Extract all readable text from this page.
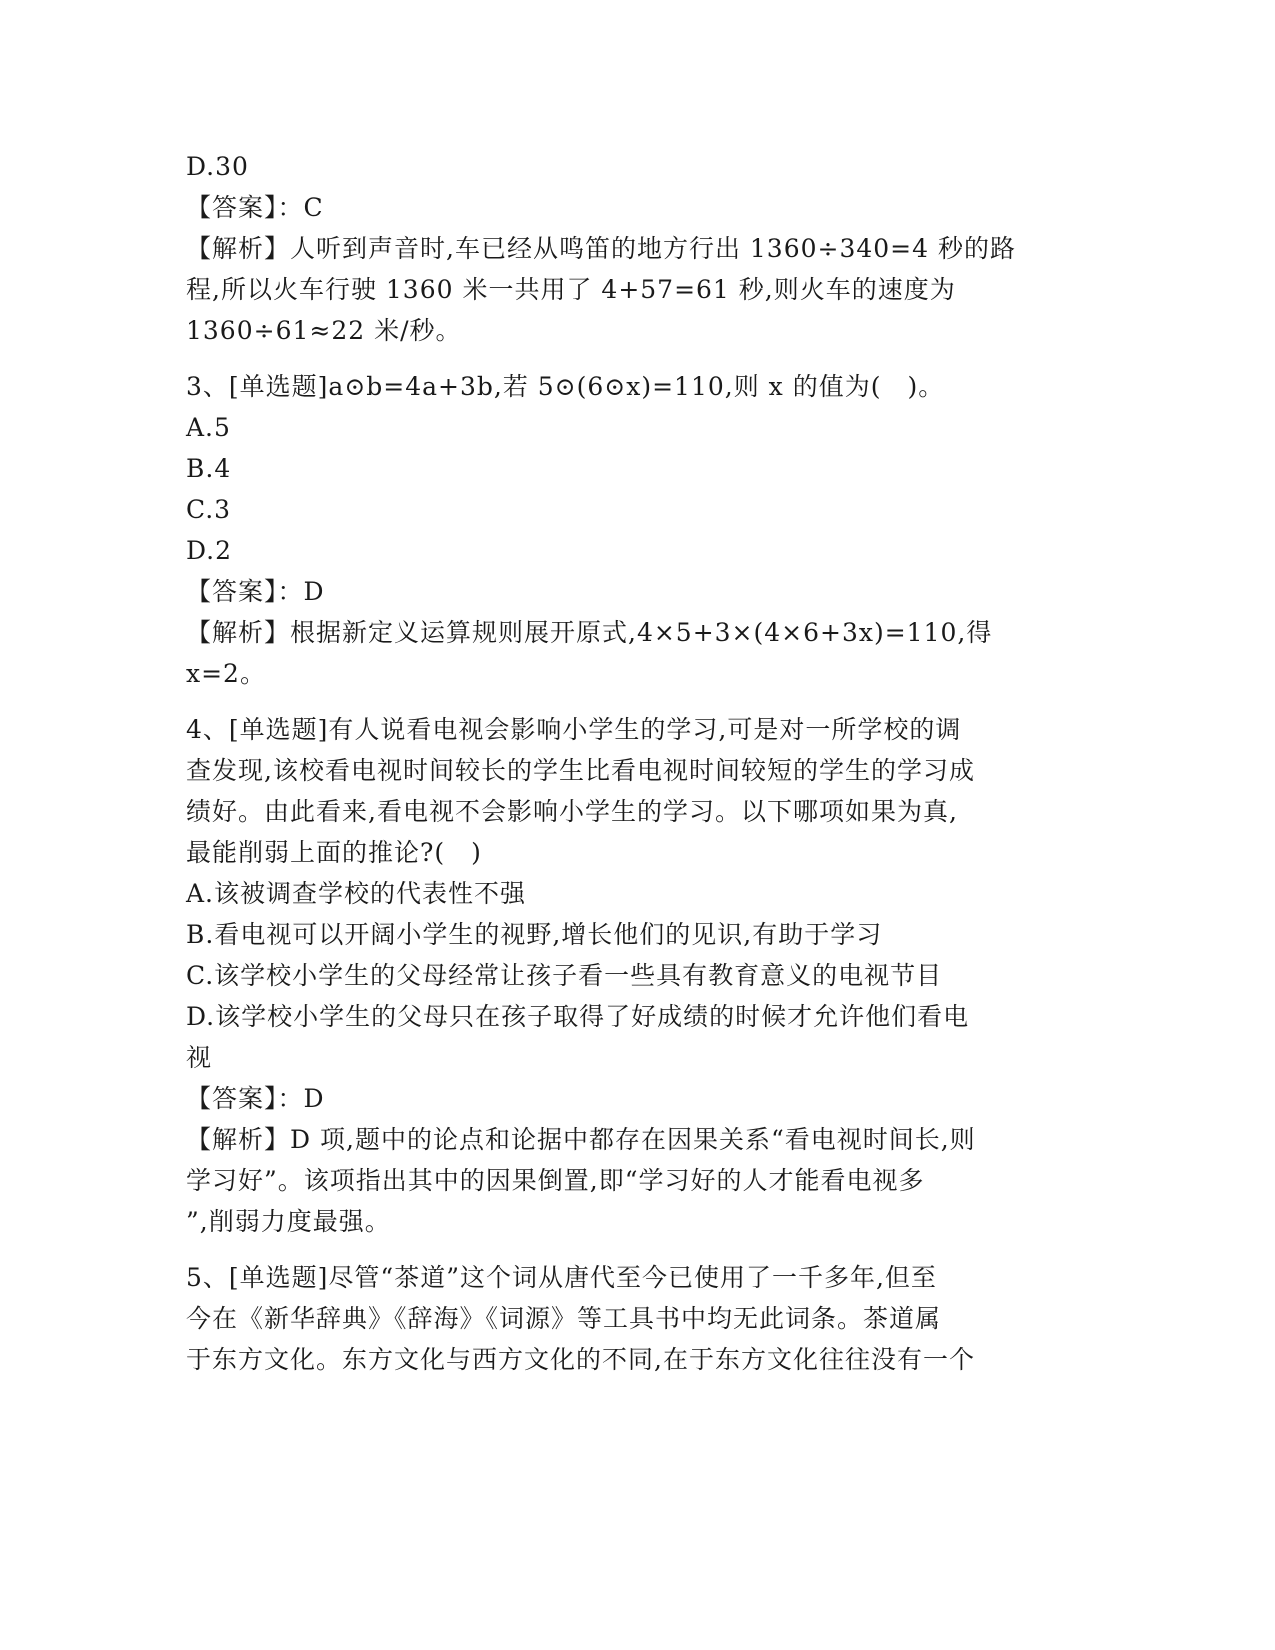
D.30
【答案】：C
【解析】人听到声音时,车已经从鸣笛的地方行出 1360÷340=4 秒的路
程,所以火车行驶 1360 米一共用了 4+57=61 秒,则火车的速度为
1360÷61≈22 米/秒。
3、[单选题]a⊙b=4a+3b,若 5⊙(6⊙x)=110,则 x 的值为(　)。
A.5
B.4
C.3
D.2
【答案】：D
【解析】根据新定义运算规则展开原式,4×5+3×(4×6+3x)=110,得
x=2。
4、[单选题]有人说看电视会影响小学生的学习,可是对一所学校的调
查发现,该校看电视时间较长的学生比看电视时间较短的学生的学习成
绩好。由此看来,看电视不会影响小学生的学习。以下哪项如果为真,
最能削弱上面的推论?(　)
A.该被调查学校的代表性不强
B.看电视可以开阔小学生的视野,增长他们的见识,有助于学习
C.该学校小学生的父母经常让孩子看一些具有教育意义的电视节目
D.该学校小学生的父母只在孩子取得了好成绩的时候才允许他们看电
视
【答案】：D
【解析】D 项,题中的论点和论据中都存在因果关系“看电视时间长,则
学习好”。该项指出其中的因果倒置,即“学习好的人才能看电视多
”,削弱力度最强。
5、[单选题]尽管“茶道”这个词从唐代至今已使用了一千多年,但至
今在《新华辞典》《辞海》《词源》等工具书中均无此词条。茶道属
于东方文化。东方文化与西方文化的不同,在于东方文化往往没有一个
